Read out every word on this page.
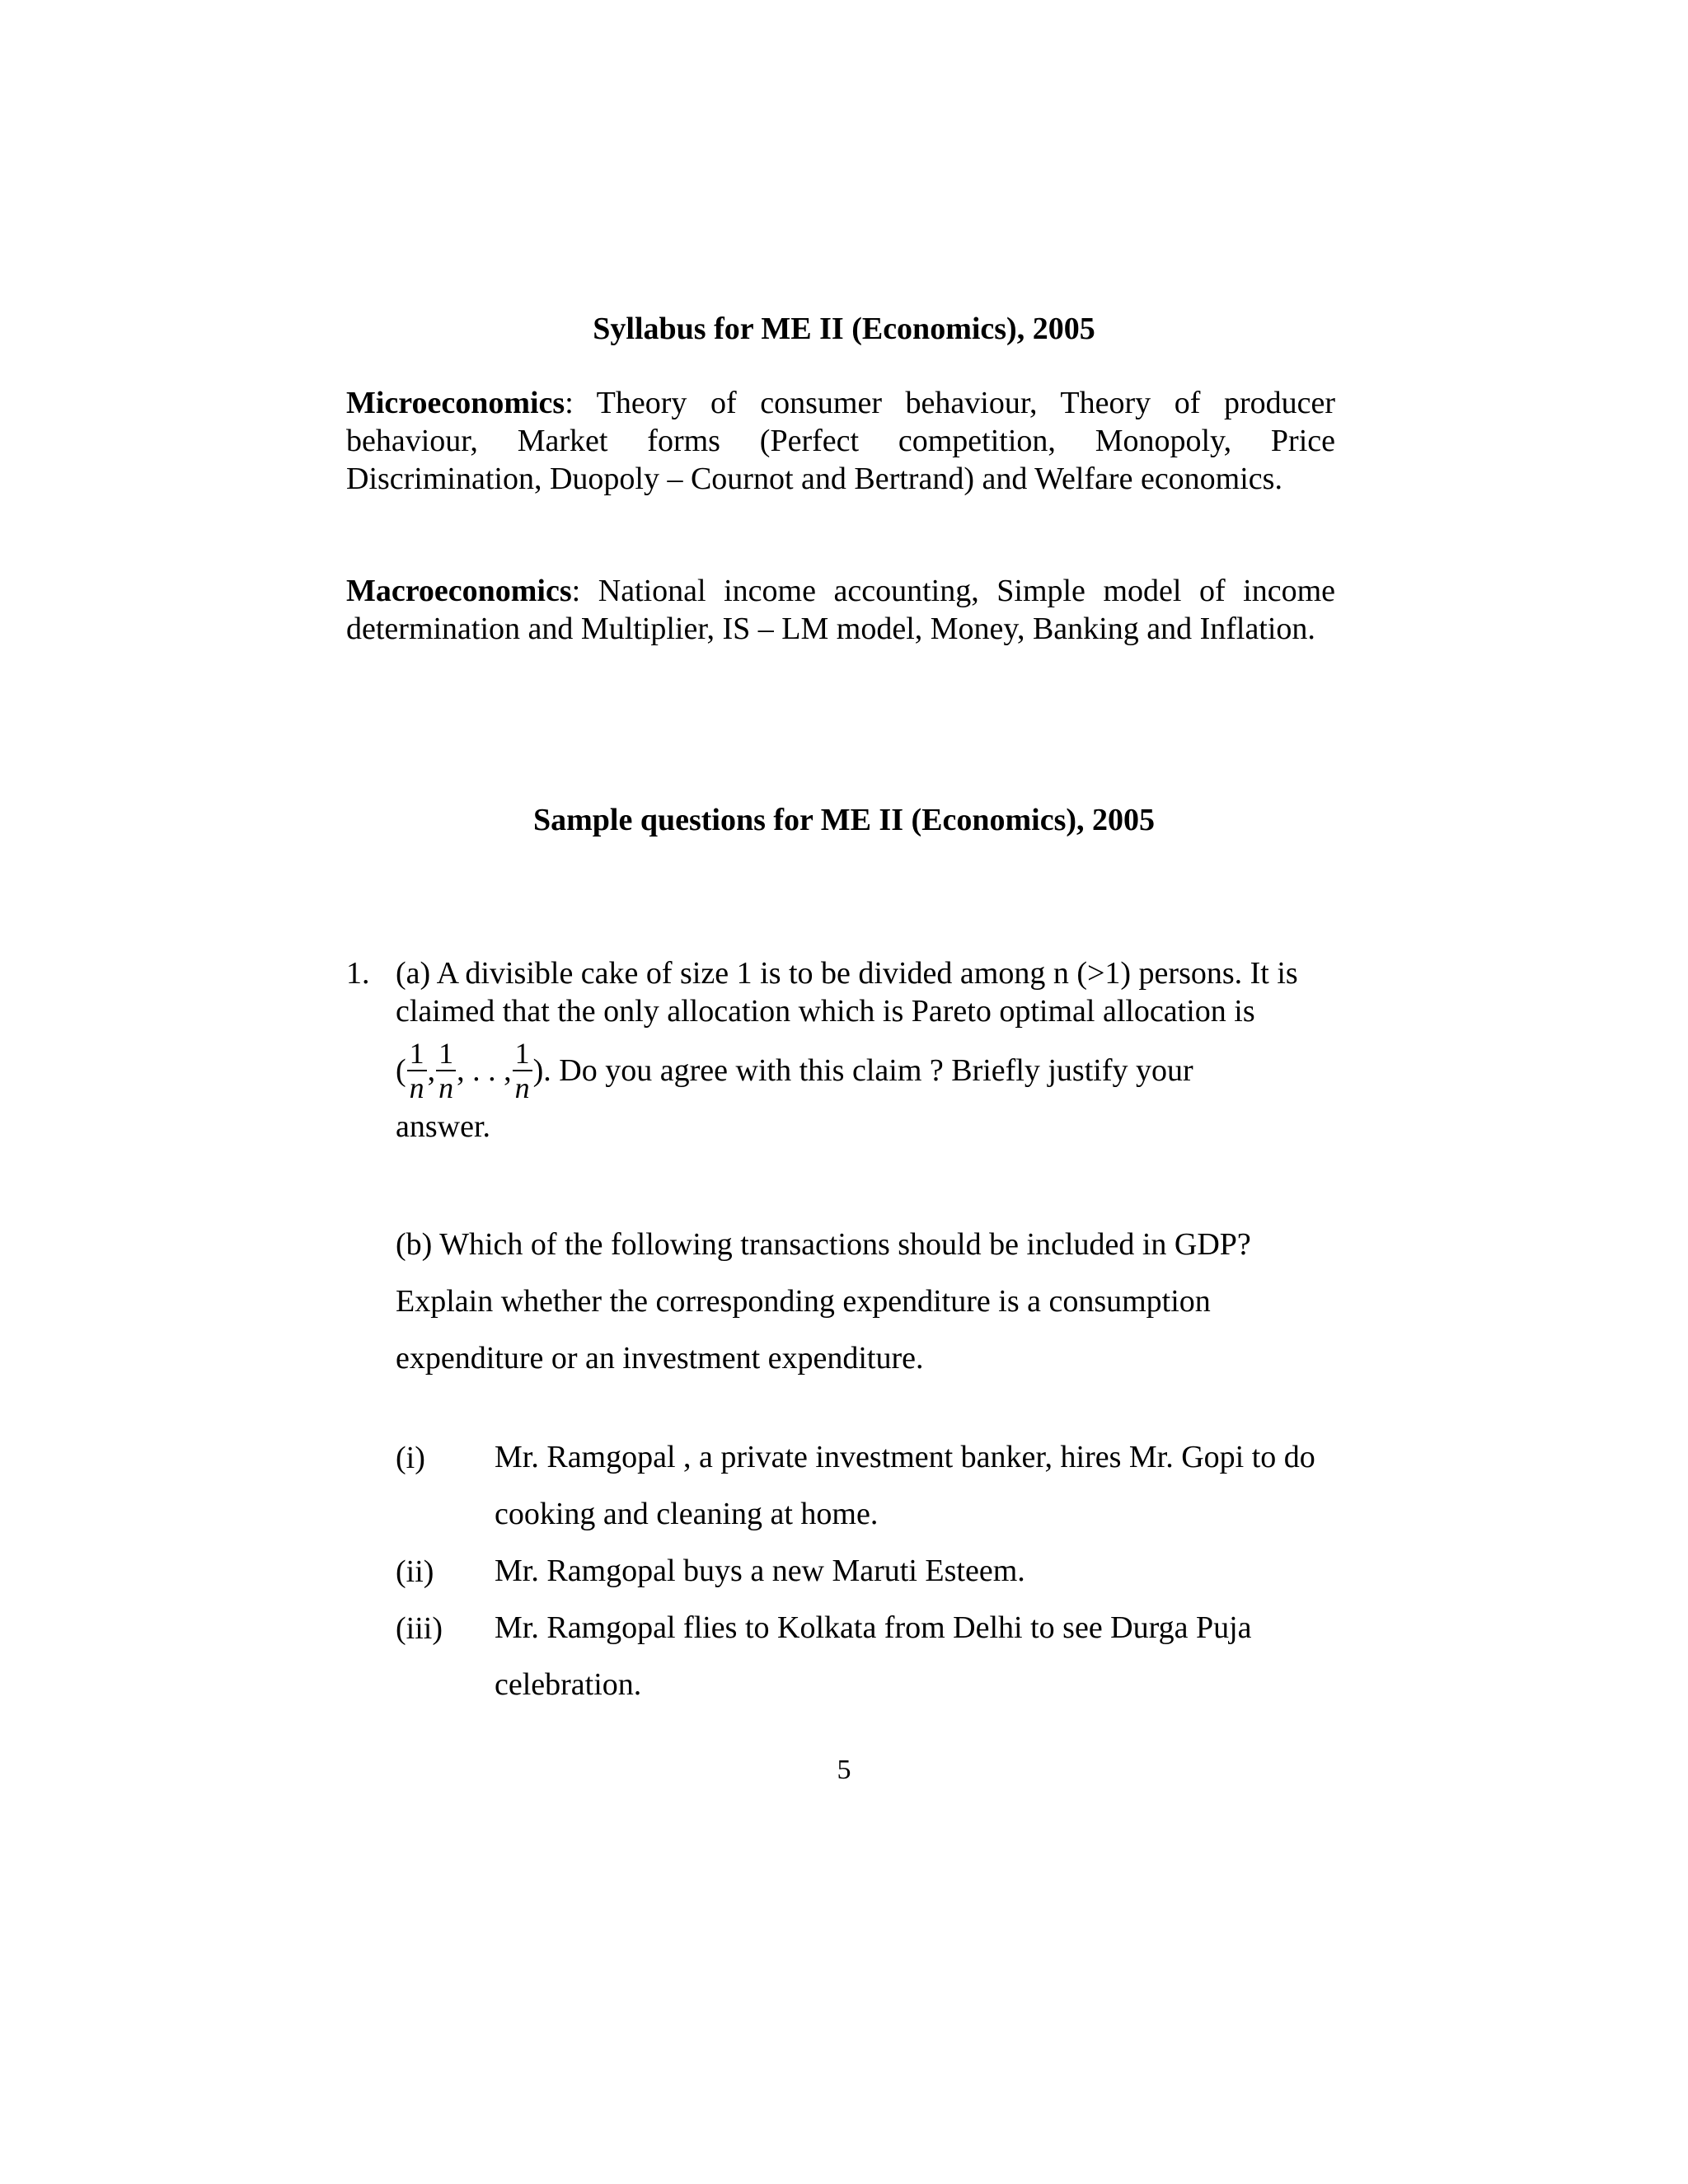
Syllabus for ME II (Economics), 2005
Microeconomics: Theory of consumer behaviour, Theory of producer behaviour, Market forms (Perfect competition, Monopoly, Price Discrimination, Duopoly – Cournot and Bertrand) and Welfare economics.
Macroeconomics: National income accounting, Simple model of income determination and Multiplier, IS – LM model, Money, Banking and Inflation.
Sample questions for ME II (Economics), 2005
1. (a) A divisible cake of size 1 is to be divided among n (>1) persons. It is claimed that the only allocation which is Pareto optimal allocation is
( $\frac{1}{n}$ , $\frac{1}{n}$ , . . , $\frac{1}{n}$ ). Do you agree with this claim ? Briefly justify your
answer.
(b) Which of the following transactions should be included in GDP? Explain whether the corresponding expenditure is a consumption expenditure or an investment expenditure.
(i) Mr. Ramgopal , a private investment banker, hires Mr. Gopi to do cooking and cleaning at home.
(ii) Mr. Ramgopal buys a new Maruti Esteem.
(iii) Mr. Ramgopal flies to Kolkata from Delhi to see Durga Puja celebration.
5
